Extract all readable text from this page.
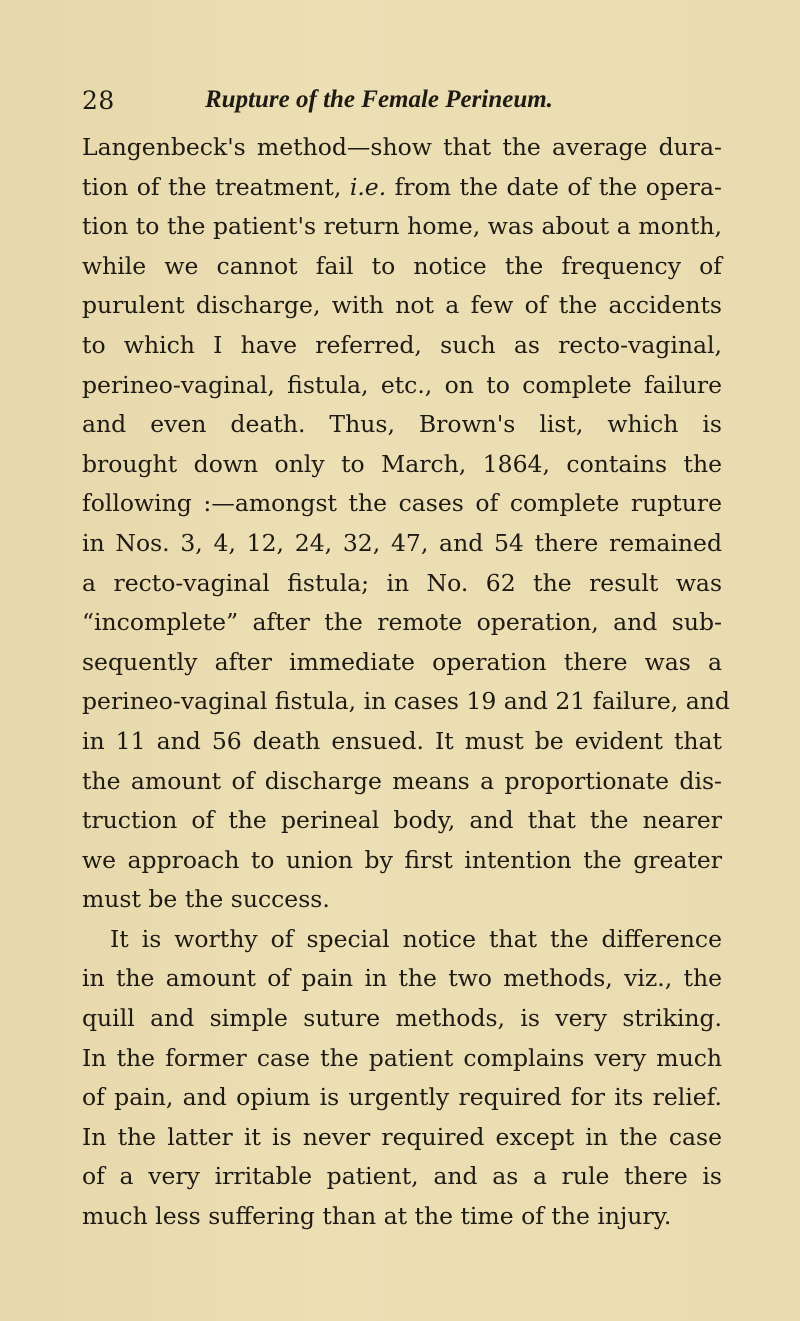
28	Rupture of the Female Perineum.
Langenbeck's method—show that the average dura-
tion of the treatment, i.e. from the date of the opera-
tion to the patient's return home, was about a month,
while we cannot fail to notice the frequency of
purulent discharge, with not a few of the accidents
to which I have referred, such as recto-vaginal,
perineo-vaginal, fistula, etc., on to complete failure
and even death. Thus, Brown's list, which is
brought down only to March, 1864, contains the
following :—amongst the cases of complete rupture
in Nos. 3, 4, 12, 24, 32, 47, and 54 there remained
a recto-vaginal fistula; in No. 62 the result was
“incomplete” after the remote operation, and sub-
sequently after immediate operation there was a
perineo-vaginal fistula, in cases 19 and 21 failure, and
in 11 and 56 death ensued. It must be evident that
the amount of discharge means a proportionate dis-
truction of the perineal body, and that the nearer
we approach to union by first intention the greater
must be the success.
It is worthy of special notice that the difference
in the amount of pain in the two methods, viz., the
quill and simple suture methods, is very striking.
In the former case the patient complains very much
of pain, and opium is urgently required for its relief.
In the latter it is never required except in the case
of a very irritable patient, and as a rule there is
much less suffering than at the time of the injury.
